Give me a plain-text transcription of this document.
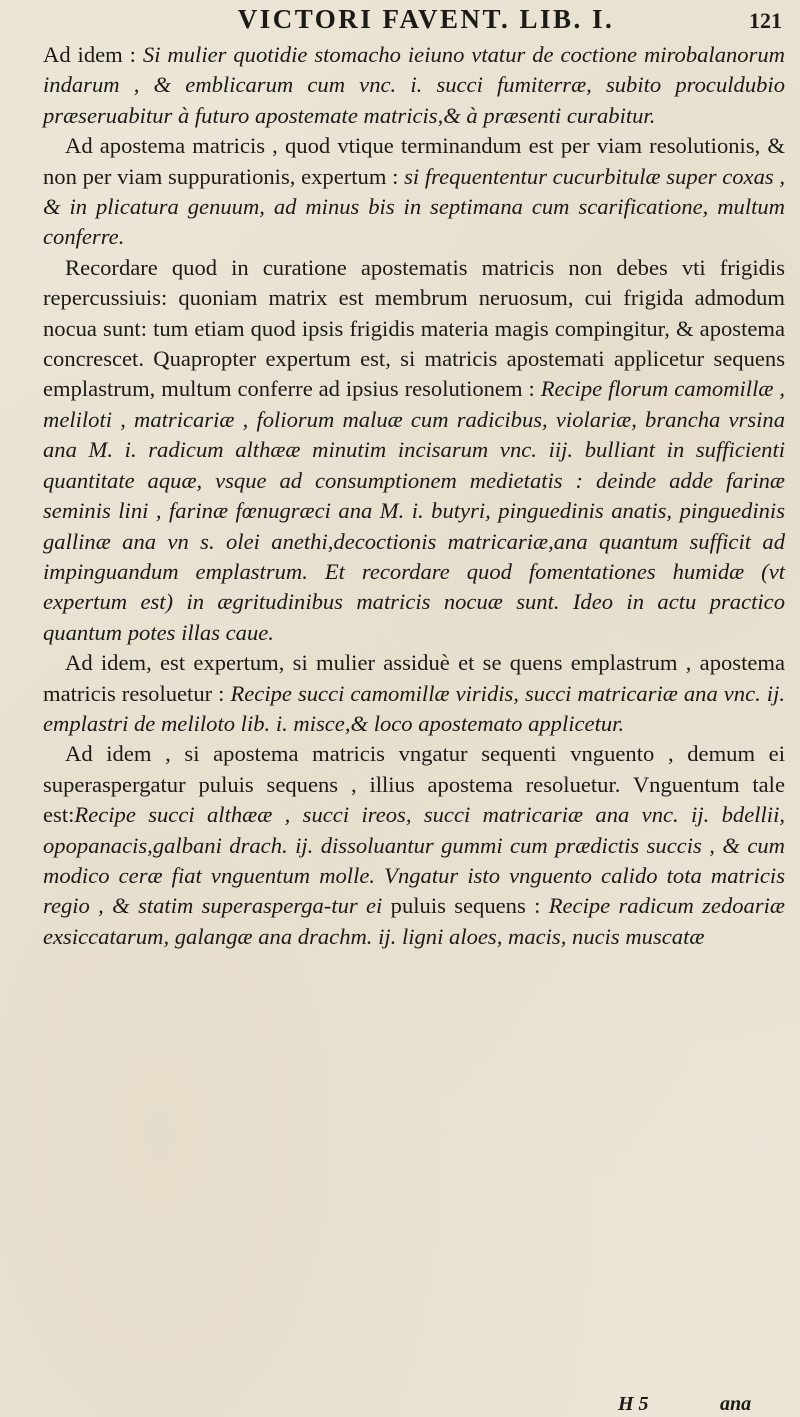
VICTORI FAVENT. LIB. I.	121

Ad idem : Si mulier quotidie stomacho ieiuno vtatur de coctione mirobalanorum indarum , & emblicarum cum vnc. i. succi fumiterræ, subito proculdubio præseruabitur à futuro apostemate matricis,& à præsenti curabitur.

Ad apostema matricis , quod vtique terminandum est per viam resolutionis, & non per viam suppurationis, expertum : si frequententur cucurbitulæ super coxas , & in plicatura genuum, ad minus bis in septimana cum scarificatione, multum conferre.

Recordare quod in curatione apostematis matricis non debes vti frigidis repercussiuis: quoniam matrix est membrum neruosum, cui frigida admodum nocua sunt: tum etiam quod ipsis frigidis materia magis compingitur, & apostema concrescet. Quapropter expertum est, si matricis apostemati applicetur sequens emplastrum, multum conferre ad ipsius resolutionem : Recipe florum camomillæ , meliloti , matricariæ , foliorum maluæ cum radicibus, violariæ, brancha vrsina ana M. i. radicum althææ minutim incisarum vnc. iij. bulliant in sufficienti quantitate aquæ, vsque ad consumptionem medietatis : deinde adde farinæ seminis lini , farinæ fœnugræci ana M. i. butyri, pinguedinis anatis, pinguedinis gallinæ ana vn s. olei anethi,decoctionis matricariæ,ana quantum sufficit ad impinguandum emplastrum. Et recordare quod fomentationes humidæ (vt expertum est) in ægritudinibus matricis nocuæ sunt. Ideo in actu practico quantum potes illas caue.

Ad idem, est expertum, si mulier assiduè et se quens emplastrum , apostema matricis resoluetur : Recipe succi camomillæ viridis, succi matricariæ ana vnc. ij. emplastri de meliloto lib. i. misce,& loco apostemato applicetur.

Ad idem , si apostema matricis vngatur sequenti vnguento , demum ei superaspergatur puluis sequens , illius apostema resoluetur. Vnguentum tale est:Recipe succi althææ , succi ireos, succi matricariæ ana vnc. ij. bdellii, opopanacis,galbani drach. ij. dissoluantur gummi cum prædictis succis , & cum modico ceræ fiat vnguentum molle. Vngatur isto vnguento calido tota matricis regio , & statim superasperga-tur ei puluis sequens : Recipe radicum zedoariæ exsiccatarum, galangæ ana drachm. ij. ligni aloes, macis, nucis muscatæ

H 5	ana
